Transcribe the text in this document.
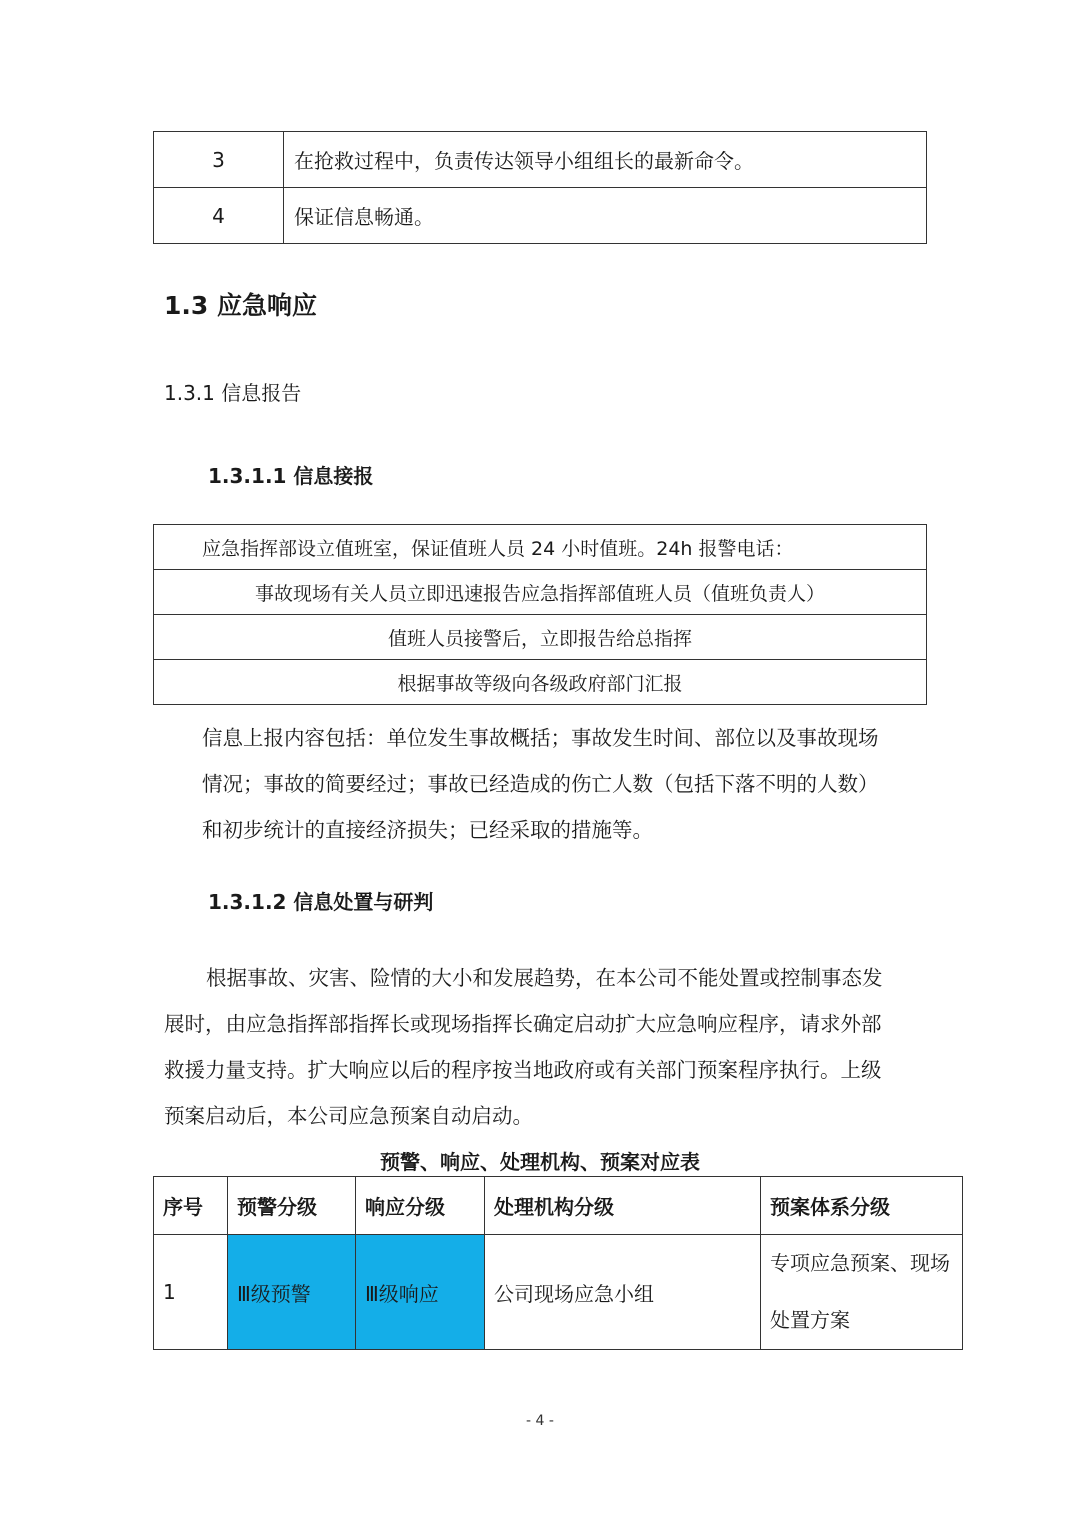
3	在抢救过程中，负责传达领导小组组长的最新命令。
4	保证信息畅通。
1.3 应急响应
1.3.1 信息报告
1.3.1.1 信息接报
应急指挥部设立值班室，保证值班人员 24 小时值班。24h 报警电话：
事故现场有关人员立即迅速报告应急指挥部值班人员（值班负责人）
值班人员接警后，立即报告给总指挥
根据事故等级向各级政府部门汇报
信息上报内容包括：单位发生事故概括；事故发生时间、部位以及事故现场
情况；事故的简要经过；事故已经造成的伤亡人数（包括下落不明的人数）
和初步统计的直接经济损失；已经采取的措施等。
1.3.1.2 信息处置与研判
根据事故、灾害、险情的大小和发展趋势，在本公司不能处置或控制事态发
展时，由应急指挥部指挥长或现场指挥长确定启动扩大应急响应程序，请求外部
救援力量支持。扩大响应以后的程序按当地政府或有关部门预案程序执行。上级
预案启动后，本公司应急预案自动启动。
预警、响应、处理机构、预案对应表
序号	预警分级	响应分级	处理机构分级	预案体系分级
1	Ⅲ级预警	Ⅲ级响应	公司现场应急小组	专项应急预案、现场
处置方案
- 4 -
